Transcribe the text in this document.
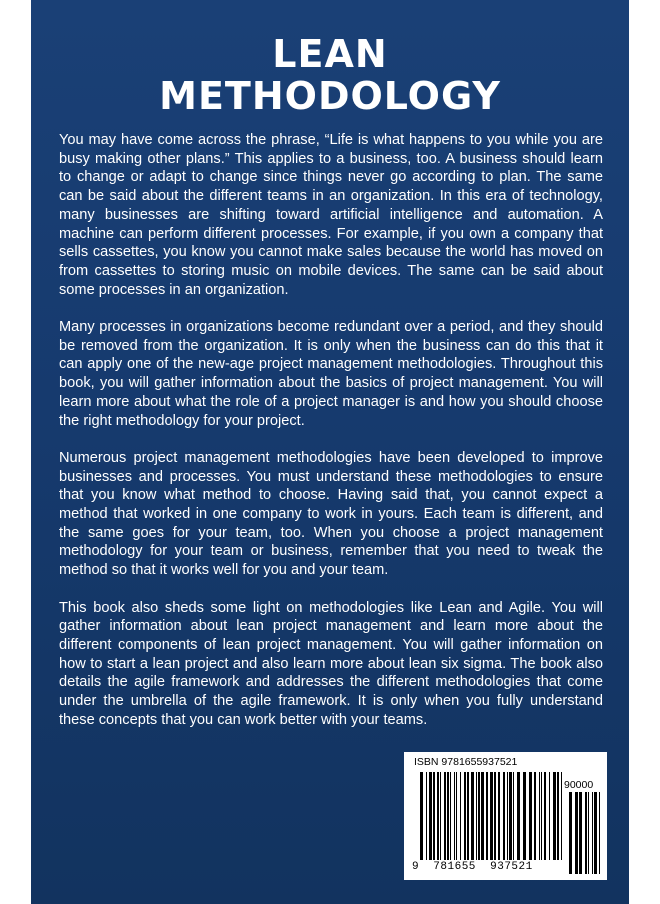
LEAN
METHODOLOGY

You may have come across the phrase, “Life is what happens to you while you are busy making other plans.” This applies to a business, too. A business should learn to change or adapt to change since things never go according to plan. The same can be said about the different teams in an organization. In this era of technology, many businesses are shifting toward artificial intelligence and automation. A machine can perform different processes. For example, if you own a company that sells cassettes, you know you cannot make sales because the world has moved on from cassettes to storing music on mobile devices. The same can be said about some processes in an organization.

Many processes in organizations become redundant over a period, and they should be removed from the organization. It is only when the business can do this that it can apply one of the new-age project management methodologies. Throughout this book, you will gather information about the basics of project management. You will learn more about what the role of a project manager is and how you should choose the right methodology for your project.

Numerous project management methodologies have been developed to improve businesses and processes. You must understand these methodologies to ensure that you know what method to choose. Having said that, you cannot expect a method that worked in one company to work in yours. Each team is different, and the same goes for your team, too. When you choose a project management methodology for your team or business, remember that you need to tweak the method so that it works well for you and your team.

This book also sheds some light on methodologies like Lean and Agile. You will gather information about lean project management and learn more about the different components of lean project management. You will gather information on how to start a lean project and also learn more about lean six sigma. The book also details the agile framework and addresses the different methodologies that come under the umbrella of the agile framework. It is only when you fully understand these concepts that you can work better with your teams.

ISBN 9781655937521
90000
9  781655  937521
